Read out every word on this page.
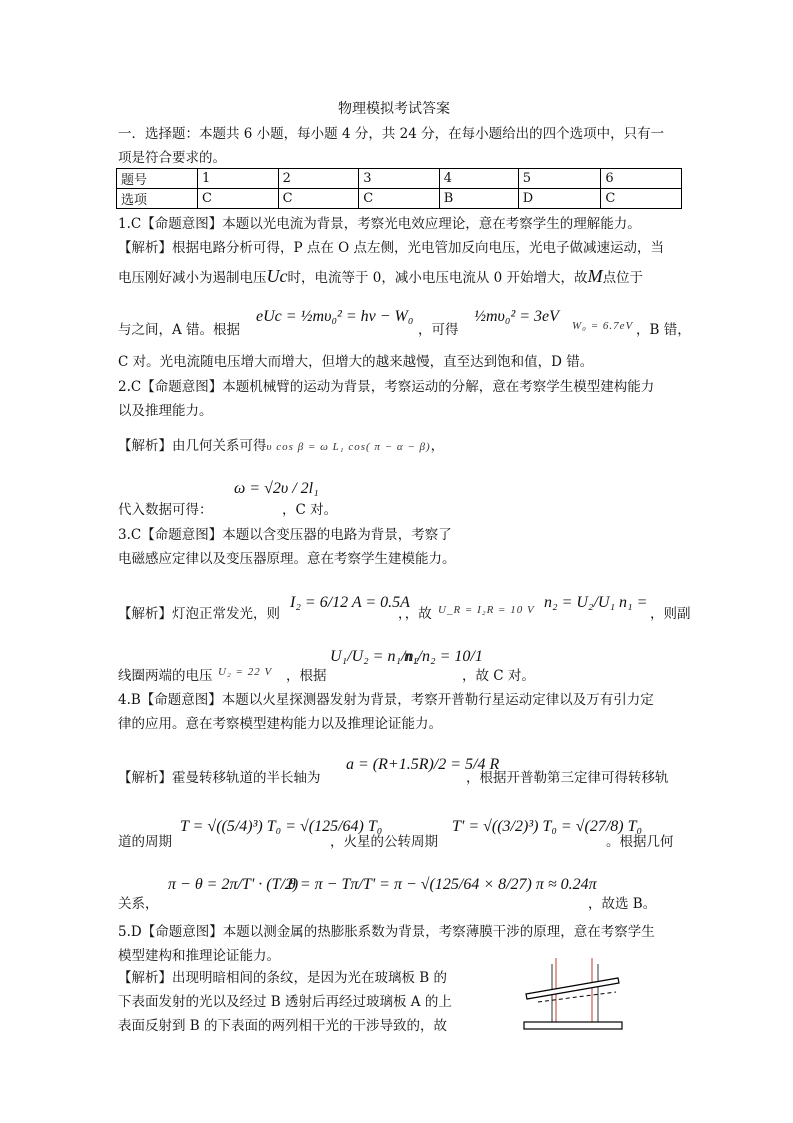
物理模拟考试答案
一．选择题：本题共 6 小题，每小题 4 分，共 24 分，在每小题给出的四个选项中，只有一
项是符合要求的。
题号	1	2	3	4	5	6
选项	C	C	C	B	D	C
1.C【命题意图】本题以光电流为背景，考察光电效应理论，意在考察学生的理解能力。
【解析】根据电路分析可得，P 点在 O 点左侧，光电管加反向电压，光电子做减速运动，当
电压刚好减小为遏制电压Uc时，电流等于 0，减小电压电流从 0 开始增大，故M点位于
与之间，A 错。根据
eUc = ½mυ₀² = hν − W₀
，可得
½mυ₀² = 3eV
W₀ = 6.7eV ，B 错，
C 对。光电流随电压增大而增大，但增大的越来越慢，直至达到饱和值，D 错。
2.C【命题意图】本题机械臂的运动为背景，考察运动的分解，意在考察学生模型建构能力
以及推理能力。
【解析】由几何关系可得υ cos β = ω L₁ cos( π − α − β)，
代入数据可得：
ω = √2υ / 2l₁
，C 对。
3.C【命题意图】本题以含变压器的电路为背景，考察了
电磁感应定律以及变压器原理。意在考察学生建模能力。
【解析】灯泡正常发光，则
I₂ = 6/12 A = 0.5A
，，故 U_R = I₂R = 10 V n₂ = U₂/U₁ n₁ =
，则副
线圈两端的电压 U₂ = 22 V ，根据
U₁/U₂ = n₁/n₂
n₁/n₂ = 10/1
，故 C 对。
4.B【命题意图】本题以火星探测器发射为背景，考察开普勒行星运动定律以及万有引力定
律的应用。意在考察模型建构能力以及推理论证能力。
【解析】霍曼转移轨道的半长轴为
a = (R+1.5R)/2 = 5/4 R
，根据开普勒第三定律可得转移轨
道的周期
T = √((5/4)³) T₀ = √(125/64) T₀
，火星的公转周期
T' = √((3/2)³) T₀ = √(27/8) T₀
。根据几何
关系，
π − θ = 2π/T' · (T/2)
θ = π − Tπ/T' = π − √(125/64 × 8/27) π ≈ 0.24π
，故选 B。
5.D【命题意图】本题以测金属的热膨胀系数为背景，考察薄膜干涉的原理，意在考察学生
模型建构和推理论证能力。
【解析】出现明暗相间的条纹，是因为光在玻璃板 B 的
下表面发射的光以及经过 B 透射后再经过玻璃板 A 的上
表面反射到 B 的下表面的两列相干光的干涉导致的，故
